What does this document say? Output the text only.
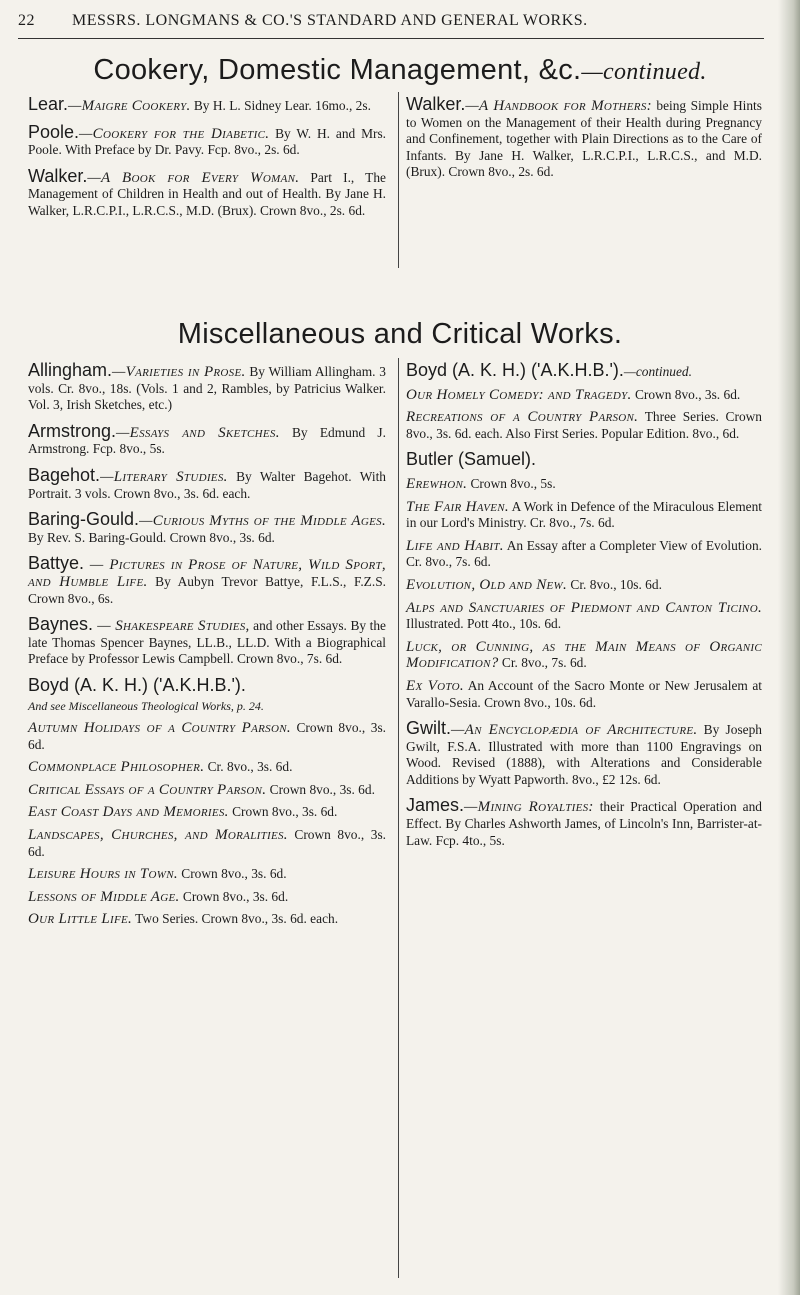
22 MESSRS. LONGMANS & CO.'S STANDARD AND GENERAL WORKS.
Cookery, Domestic Management, &c.—continued.
Lear.—Maigre Cookery. By H. L. Sidney Lear. 16mo., 2s.
Poole.—Cookery for the Diabetic. By W. H. and Mrs. Poole. With Preface by Dr. Pavy. Fcp. 8vo., 2s. 6d.
Walker.—A Book for Every Woman. Part I., The Management of Children in Health and out of Health. By Jane H. Walker, L.R.C.P.I., L.R.C.S., M.D. (Brux). Crown 8vo., 2s. 6d.
Walker.—A Handbook for Mothers: being Simple Hints to Women on the Management of their Health during Pregnancy and Confinement, together with Plain Directions as to the Care of Infants. By Jane H. Walker, L.R.C.P.I., L.R.C.S., and M.D. (Brux). Crown 8vo., 2s. 6d.
Miscellaneous and Critical Works.
Allingham.—Varieties in Prose. By William Allingham. 3 vols. Cr. 8vo., 18s. (Vols. 1 and 2, Rambles, by Patricius Walker. Vol. 3, Irish Sketches, etc.)
Armstrong.—Essays and Sketches. By Edmund J. Armstrong. Fcp. 8vo., 5s.
Bagehot.—Literary Studies. By Walter Bagehot. With Portrait. 3 vols. Crown 8vo., 3s. 6d. each.
Baring-Gould.—Curious Myths of the Middle Ages. By Rev. S. Baring-Gould. Crown 8vo., 3s. 6d.
Battye. — Pictures in Prose of Nature, Wild Sport, and Humble Life. By Aubyn Trevor Battye, F.L.S., F.Z.S. Crown 8vo., 6s.
Baynes. — Shakespeare Studies, and other Essays. By the late Thomas Spencer Baynes, LL.B., LL.D. With a Biographical Preface by Professor Lewis Campbell. Crown 8vo., 7s. 6d.
Boyd (A. K. H.) ('A.K.H.B.').
And see Miscellaneous Theological Works, p. 24.
Autumn Holidays of a Country Parson. Crown 8vo., 3s. 6d.
Commonplace Philosopher. Cr. 8vo., 3s. 6d.
Critical Essays of a Country Parson. Crown 8vo., 3s. 6d.
East Coast Days and Memories. Crown 8vo., 3s. 6d.
Landscapes, Churches, and Moralities. Crown 8vo., 3s. 6d.
Leisure Hours in Town. Crown 8vo., 3s. 6d.
Lessons of Middle Age. Crown 8vo., 3s. 6d.
Our Little Life. Two Series. Crown 8vo., 3s. 6d. each.
Boyd (A. K. H.) ('A.K.H.B.').—continued.
Our Homely Comedy: and Tragedy. Crown 8vo., 3s. 6d.
Recreations of a Country Parson. Three Series. Crown 8vo., 3s. 6d. each. Also First Series. Popular Edition. 8vo., 6d.
Butler (Samuel).
Erewhon. Crown 8vo., 5s.
The Fair Haven. A Work in Defence of the Miraculous Element in our Lord's Ministry. Cr. 8vo., 7s. 6d.
Life and Habit. An Essay after a Completer View of Evolution. Cr. 8vo., 7s. 6d.
Evolution, Old and New. Cr. 8vo., 10s. 6d.
Alps and Sanctuaries of Piedmont and Canton Ticino. Illustrated. Pott 4to., 10s. 6d.
Luck, or Cunning, as the Main Means of Organic Modification? Cr. 8vo., 7s. 6d.
Ex Voto. An Account of the Sacro Monte or New Jerusalem at Varallo-Sesia. Crown 8vo., 10s. 6d.
Gwilt.—An Encyclopædia of Architecture. By Joseph Gwilt, F.S.A. Illustrated with more than 1100 Engravings on Wood. Revised (1888), with Alterations and Considerable Additions by Wyatt Papworth. 8vo., £2 12s. 6d.
James.—Mining Royalties: their Practical Operation and Effect. By Charles Ashworth James, of Lincoln's Inn, Barrister-at-Law. Fcp. 4to., 5s.
